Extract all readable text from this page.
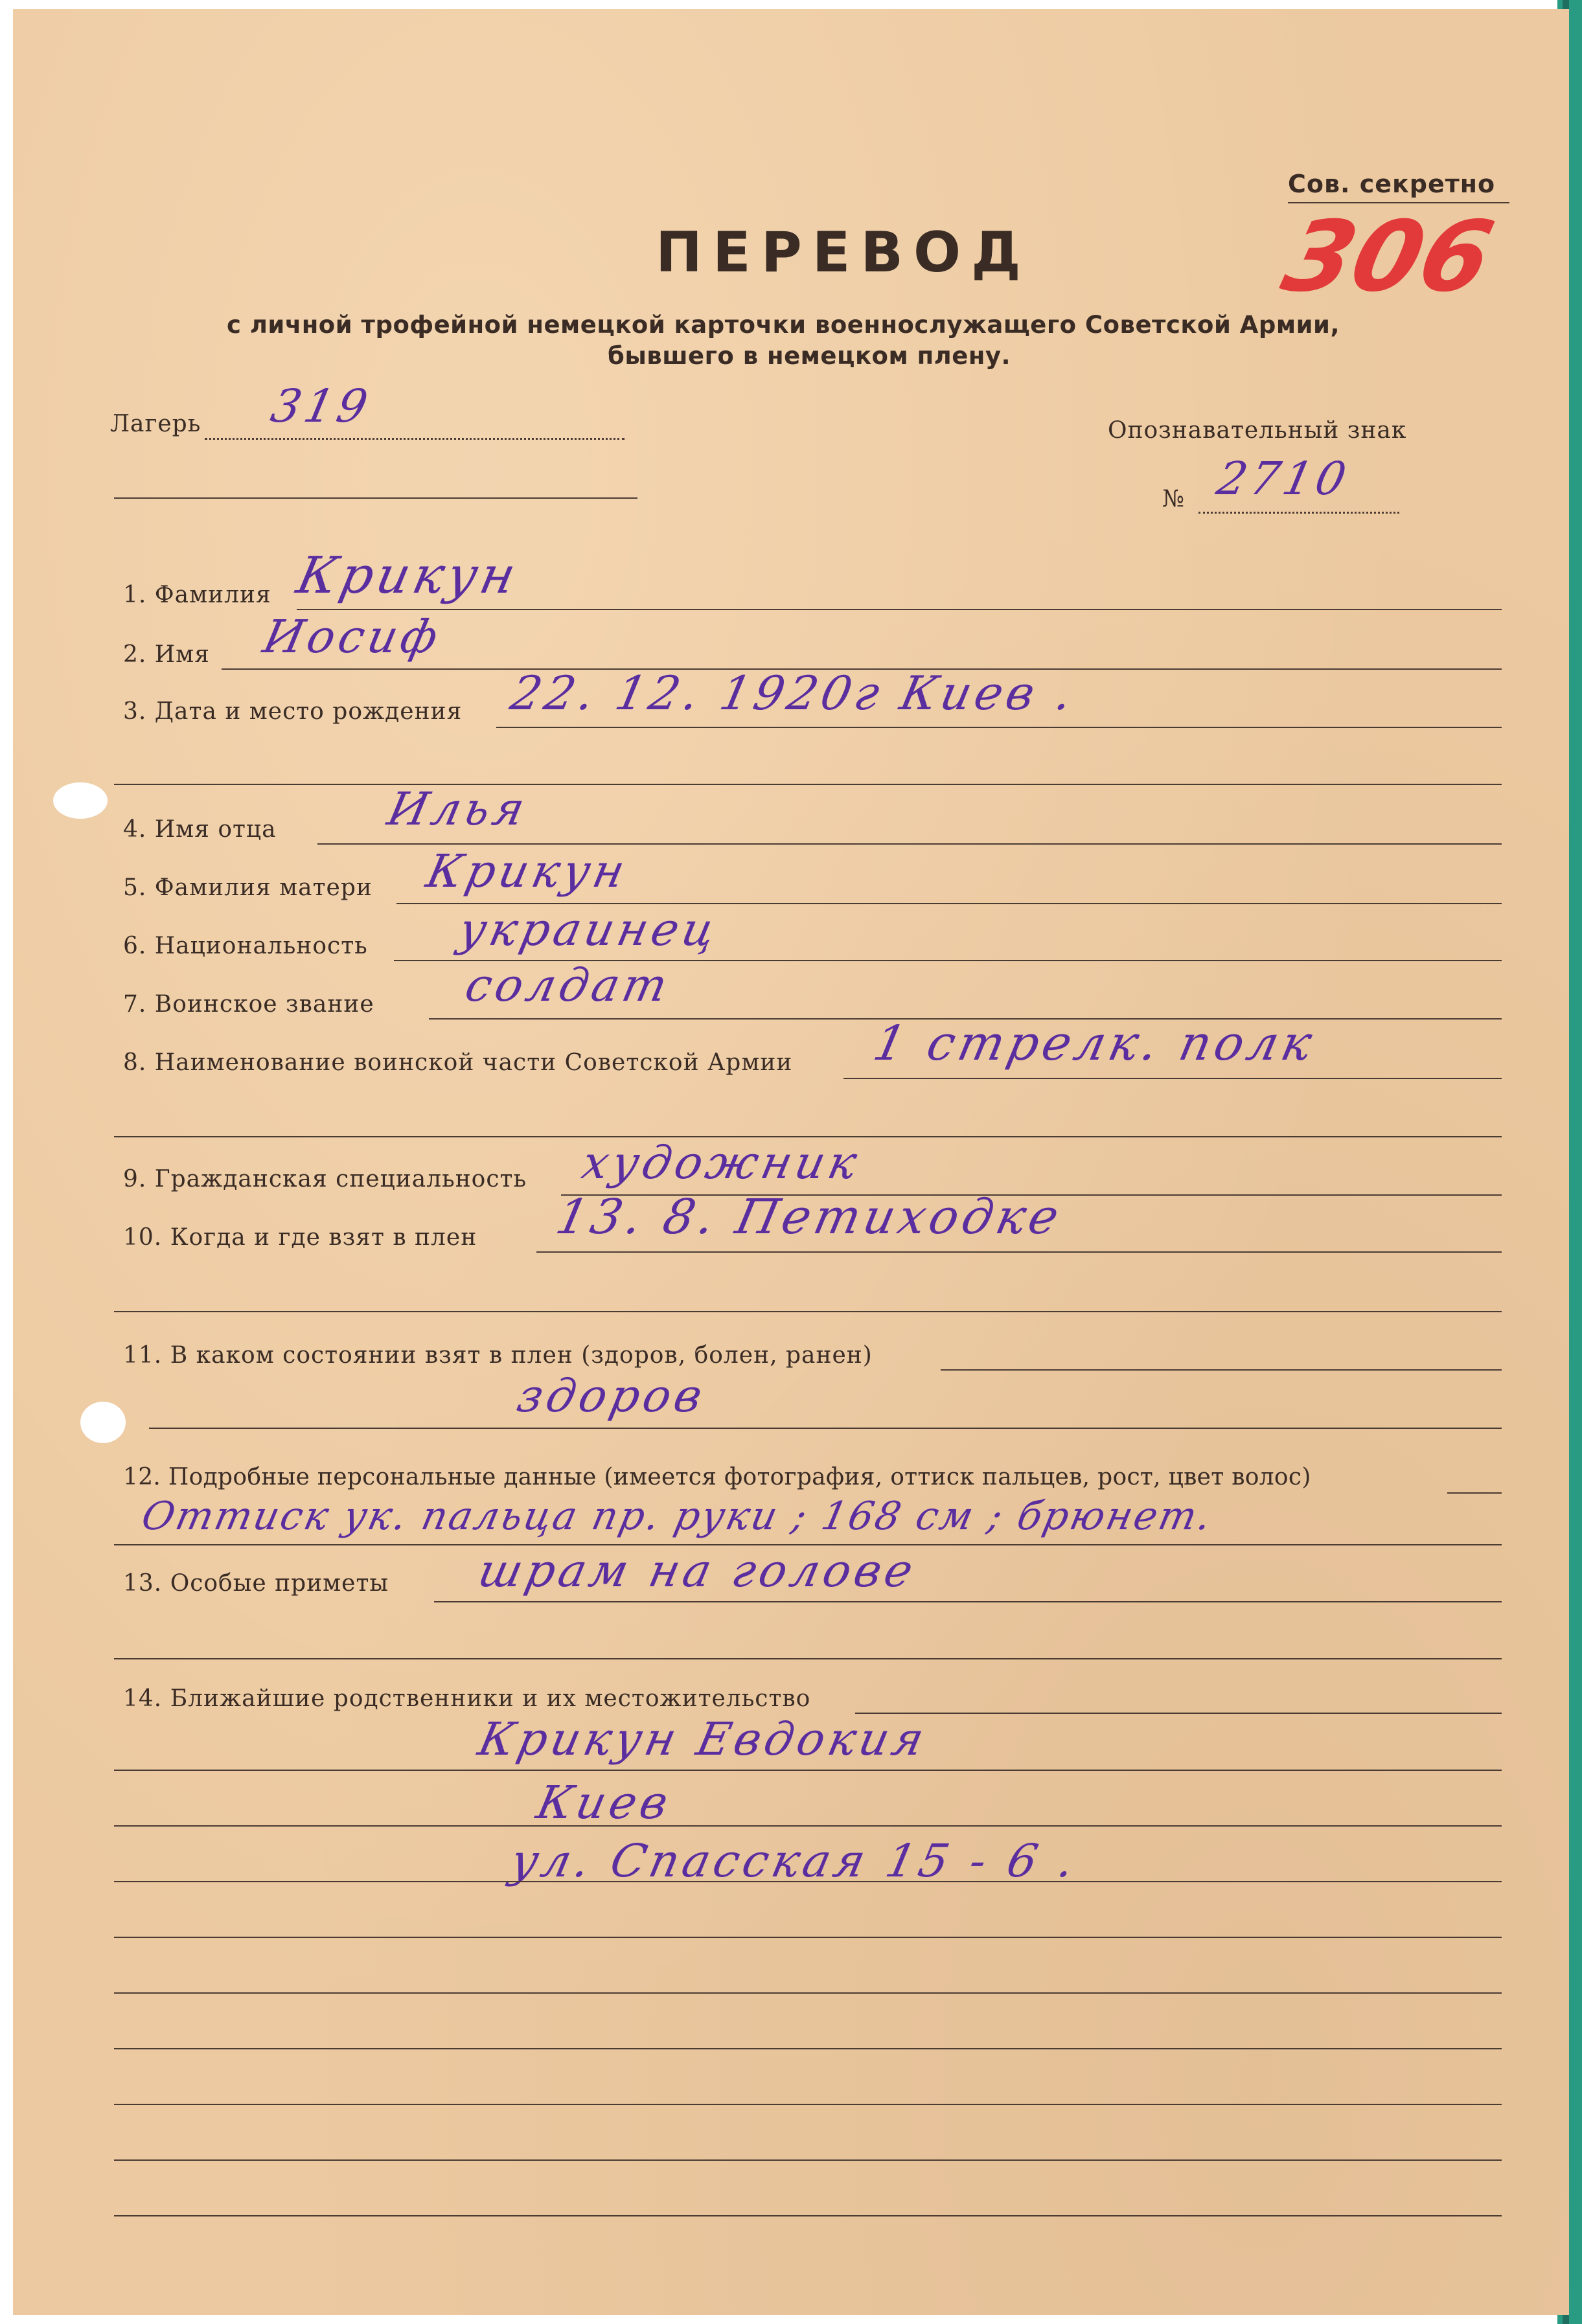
Сов. секретно
306
ПЕРЕВОД
с личной трофейной немецкой карточки военнослужащего Советской Армии,
бывшего в немецком плену.
Лагерь 319	Опознавательный знак
№ 2710
1. Фамилия Крикун
2. Имя Иосиф
3. Дата и место рождения 22. 12. 1920г Киев .
4. Имя отца Илья
5. Фамилия матери Крикун
6. Национальность украинец
7. Воинское звание солдат
8. Наименование воинской части Советской Армии 1 стрелк. полк
9. Гражданская специальность художник
10. Когда и где взят в плен 13. 8. Петиходке
11. В каком состоянии взят в плен (здоров, болен, ранен)
здоров
12. Подробные персональные данные (имеется фотография, оттиск пальцев, рост, цвет волос)
Оттиск ук. пальца пр. руки ; 168 см ; брюнет.
13. Особые приметы шрам на голове
14. Ближайшие родственники и их местожительство
Крикун Евдокия
Киев
ул. Спасская 15 - 6 .
